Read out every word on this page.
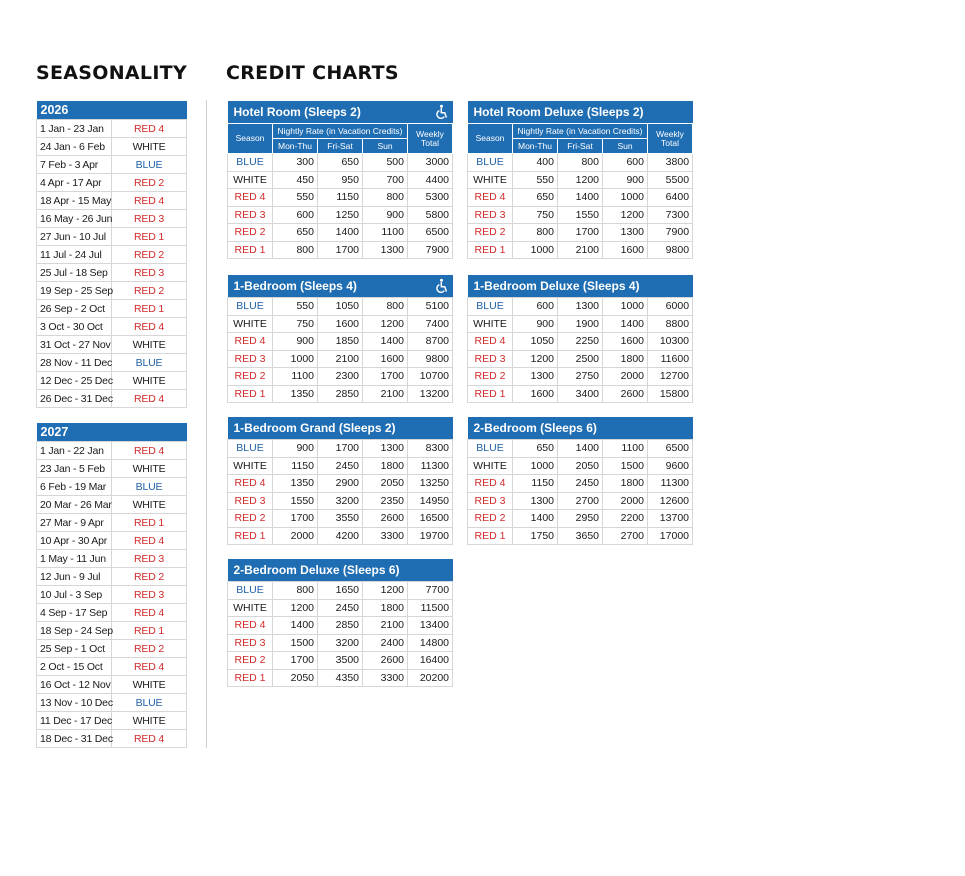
SEASONALITY CREDIT CHARTS
2026	
1 Jan - 23 Jan	RED 4
24 Jan - 6 Feb	WHITE
7 Feb - 3 Apr	BLUE
4 Apr - 17 Apr	RED 2
18 Apr - 15 May	RED 4
16 May - 26 Jun	RED 3
27 Jun - 10 Jul	RED 1
11 Jul - 24 Jul	RED 2
25 Jul - 18 Sep	RED 3
19 Sep - 25 Sep	RED 2
26 Sep - 2 Oct	RED 1
3 Oct - 30 Oct	RED 4
31 Oct - 27 Nov	WHITE
28 Nov - 11 Dec	BLUE
12 Dec - 25 Dec	WHITE
26 Dec - 31 Dec	RED 4
2027	
1 Jan - 22 Jan	RED 4
23 Jan - 5 Feb	WHITE
6 Feb - 19 Mar	BLUE
20 Mar - 26 Mar	WHITE
27 Mar - 9 Apr	RED 1
10 Apr - 30 Apr	RED 4
1 May - 11 Jun	RED 3
12 Jun - 9 Jul	RED 2
10 Jul - 3 Sep	RED 3
4 Sep - 17 Sep	RED 4
18 Sep - 24 Sep	RED 1
25 Sep - 1 Oct	RED 2
2 Oct - 15 Oct	RED 4
16 Oct - 12 Nov	WHITE
13 Nov - 10 Dec	BLUE
11 Dec - 17 Dec	WHITE
18 Dec - 31 Dec	RED 4
Hotel Room (Sleeps 2)				

Season	Nightly Rate (in Vacation Credits)			Weekly Total
	Mon-Thu	Fri-Sat	Sun	
BLUE	300	650	500	3000
WHITE	450	950	700	4400
RED 4	550	1150	800	5300
RED 3	600	1250	900	5800
RED 2	650	1400	1100	6500
RED 1	800	1700	1300	7900
Hotel Room Deluxe (Sleeps 2)				
Season	Nightly Rate (in Vacation Credits)			Weekly Total
	Mon-Thu	Fri-Sat	Sun	
BLUE	400	800	600	3800
WHITE	550	1200	900	5500
RED 4	650	1400	1000	6400
RED 3	750	1550	1200	7300
RED 2	800	1700	1300	7900
RED 1	1000	2100	1600	9800
1-Bedroom (Sleeps 4)				

BLUE	550	1050	800	5100
WHITE	750	1600	1200	7400
RED 4	900	1850	1400	8700
RED 3	1000	2100	1600	9800
RED 2	1100	2300	1700	10700
RED 1	1350	2850	2100	13200
1-Bedroom Deluxe (Sleeps 4)				
BLUE	600	1300	1000	6000
WHITE	900	1900	1400	8800
RED 4	1050	2250	1600	10300
RED 3	1200	2500	1800	11600
RED 2	1300	2750	2000	12700
RED 1	1600	3400	2600	15800
1-Bedroom Grand (Sleeps 2)				
BLUE	900	1700	1300	8300
WHITE	1150	2450	1800	11300
RED 4	1350	2900	2050	13250
RED 3	1550	3200	2350	14950
RED 2	1700	3550	2600	16500
RED 1	2000	4200	3300	19700
2-Bedroom (Sleeps 6)				
BLUE	650	1400	1100	6500
WHITE	1000	2050	1500	9600
RED 4	1150	2450	1800	11300
RED 3	1300	2700	2000	12600
RED 2	1400	2950	2200	13700
RED 1	1750	3650	2700	17000
2-Bedroom Deluxe (Sleeps 6)				
BLUE	800	1650	1200	7700
WHITE	1200	2450	1800	11500
RED 4	1400	2850	2100	13400
RED 3	1500	3200	2400	14800
RED 2	1700	3500	2600	16400
RED 1	2050	4350	3300	20200
